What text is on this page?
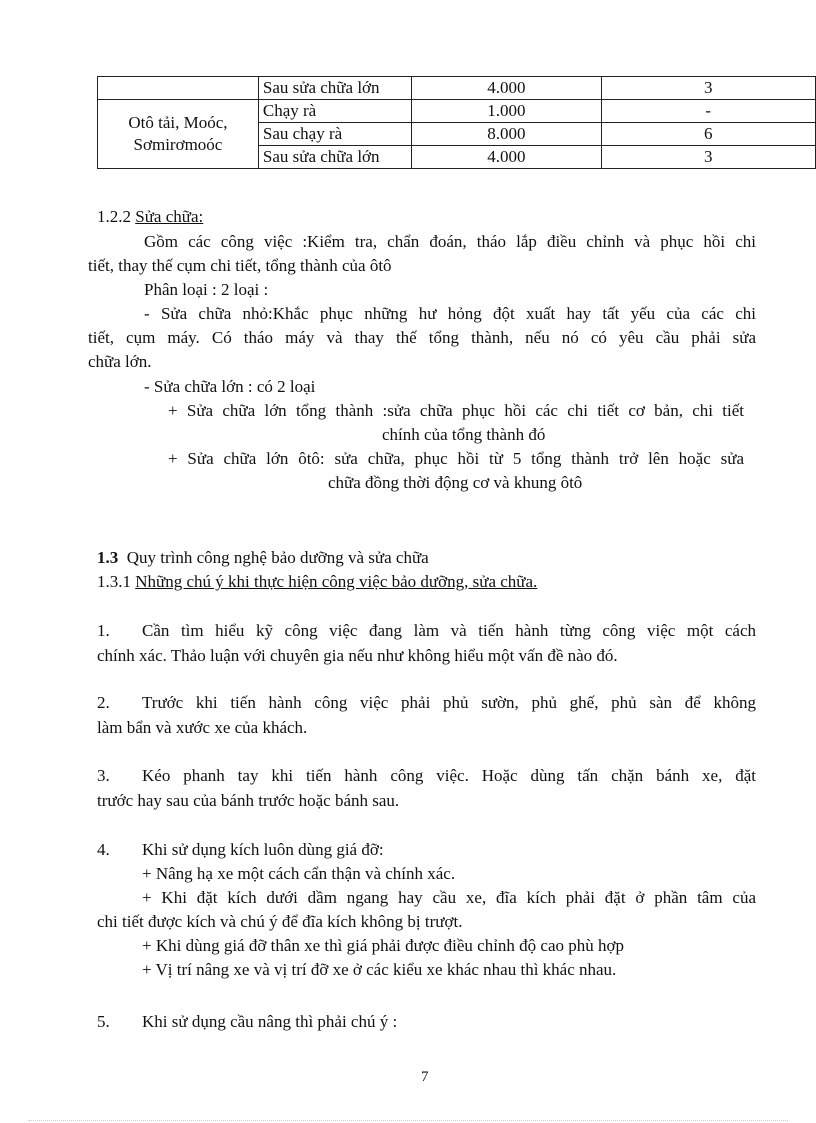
	Sau sửa chữa lớn	4.000	3
Otô tải, Moóc, Sơmirơmoóc	Chạy rà	1.000	-
	Sau chạy rà	8.000	6
	Sau sửa chữa lớn	4.000	3
1.2.2 Sửa chữa:
Gồm các công việc :Kiểm tra, chẩn đoán, tháo lắp điều chỉnh và phục hồi chi
tiết, thay thế cụm chi tiết, tổng thành của ôtô
Phân loại : 2 loại :
- Sửa chữa nhỏ:Khắc phục những hư hỏng đột xuất hay tất yếu của các chi
tiết, cụm máy. Có tháo máy và thay thế tổng thành, nếu nó có yêu cầu phải sửa
chữa lớn.
- Sửa chữa lớn : có 2 loại
+ Sửa chữa lớn tổng thành :sửa chữa phục hồi các chi tiết cơ bản, chi tiết
chính của tổng thành đó
+ Sửa chữa lớn ôtô: sửa chữa, phục hồi từ 5 tổng thành trở lên hoặc sửa
chữa đồng thời động cơ và khung ôtô
1.3 Quy trình công nghệ bảo dưỡng và sửa chữa
1.3.1 Những chú ý khi thực hiện công việc bảo dưỡng, sửa chữa.
1. Cần tìm hiểu kỹ công việc đang làm và tiến hành từng công việc một cách
chính xác. Thảo luận với chuyên gia nếu như không hiểu một vấn đề nào đó.
2. Trước khi tiến hành công việc phải phủ sườn, phủ ghế, phủ sàn để không
làm bẩn và xước xe của khách.
3. Kéo phanh tay khi tiến hành công việc. Hoặc dùng tấn chặn bánh xe, đặt
trước hay sau của bánh trước hoặc bánh sau.
4. Khi sử dụng kích luôn dùng giá đỡ:
+ Nâng hạ xe một cách cẩn thận và chính xác.
+ Khi đặt kích dưới dầm ngang hay cầu xe, đĩa kích phải đặt ở phần tâm của
chi tiết được kích và chú ý để đĩa kích không bị trượt.
+ Khi dùng giá đỡ thân xe thì giá phải được điều chỉnh độ cao phù hợp
+ Vị trí nâng xe và vị trí đỡ xe ở các kiểu xe khác nhau thì khác nhau.
5. Khi sử dụng cầu nâng thì phải chú ý :
7
